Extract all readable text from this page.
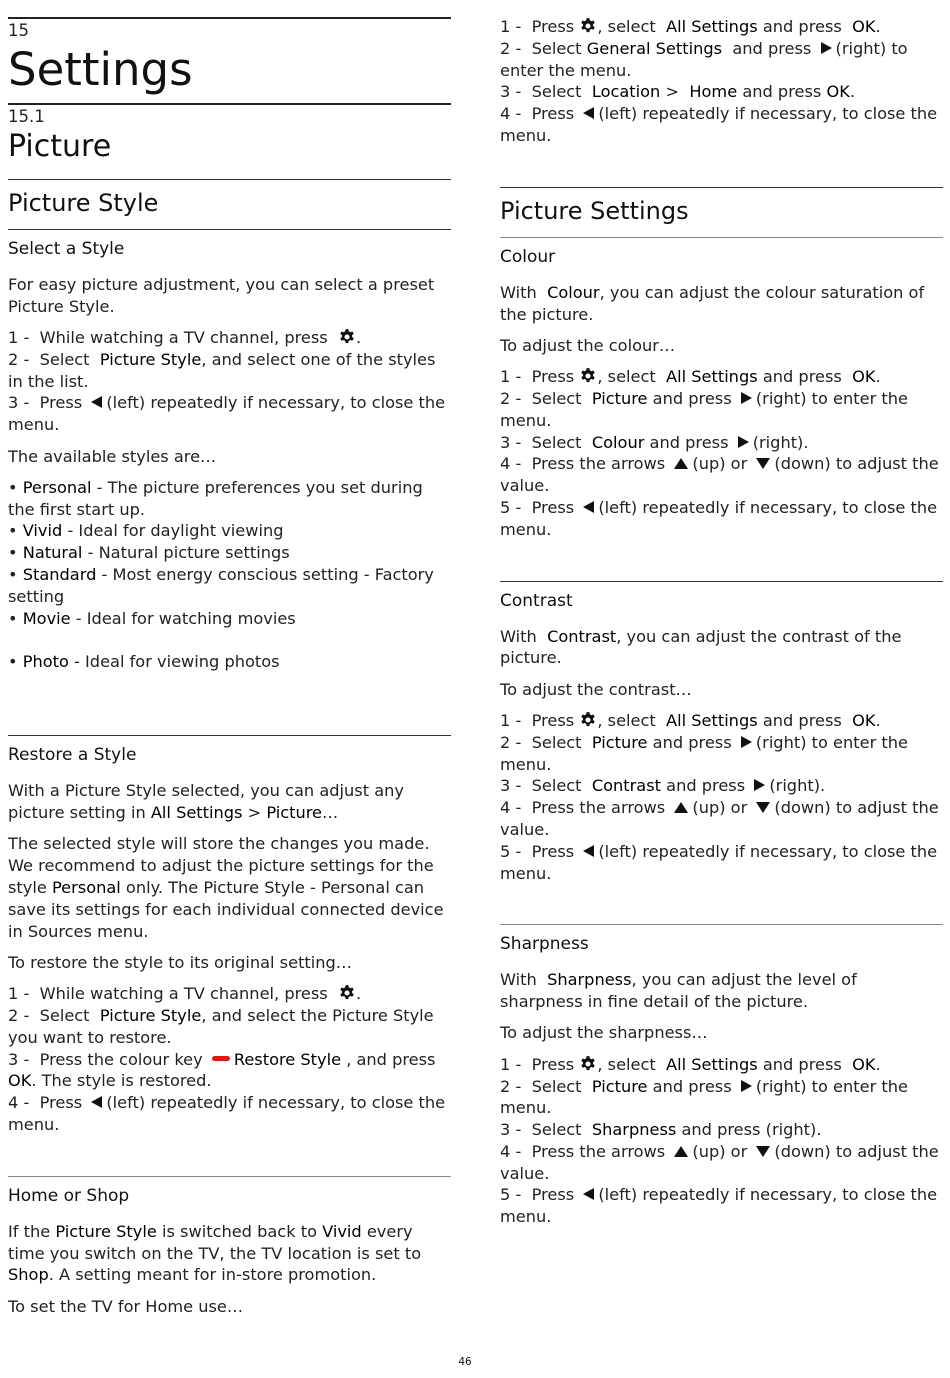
15
Settings
15.1
Picture
Picture Style
Select a Style

For easy picture adjustment, you can select a preset Picture Style.

1 - While watching a TV channel, press .

2 - Select Picture Style, and select one of the styles in the list.

3 - Press (left) repeatedly if necessary, to close the menu.

The available styles are…

• Personal - The picture preferences you set during the first start up.

• Vivid - Ideal for daylight viewing

• Natural - Natural picture settings

• Standard - Most energy conscious setting - Factory setting

• Movie - Ideal for watching movies

• Photo - Ideal for viewing photos

Restore a Style

With a Picture Style selected, you can adjust any picture setting in All Settings > Picture…

The selected style will store the changes you made. We recommend to adjust the picture settings for the style Personal only. The Picture Style - Personal can save its settings for each individual connected device in Sources menu.

To restore the style to its original setting…

1 - While watching a TV channel, press .

2 - Select Picture Style, and select the Picture Style you want to restore.

3 - Press the colour key Restore Style , and press OK. The style is restored.

4 - Press (left) repeatedly if necessary, to close the menu.

Home or Shop

If the Picture Style is switched back to Vivid every time you switch on the TV, the TV location is set to Shop. A setting meant for in-store promotion.

To set the TV for Home use…

1 - Press , select All Settings and press OK.

2 - Select General Settings and press (right) to enter the menu.

3 - Select Location > Home and press OK.

4 - Press (left) repeatedly if necessary, to close the menu.

Picture Settings
Colour

With  Colour, you can adjust the colour saturation of the picture.

To adjust the colour…

1 - Press , select All Settings and press OK.

2 - Select Picture and press (right) to enter the menu.

3 - Select Colour and press (right).

4 - Press the arrows (up) or (down) to adjust the value.

5 - Press (left) repeatedly if necessary, to close the menu.

Contrast

With  Contrast, you can adjust the contrast of the picture.

To adjust the contrast…

1 - Press , select All Settings and press OK.

2 - Select Picture and press (right) to enter the menu.

3 - Select Contrast and press (right).

4 - Press the arrows (up) or (down) to adjust the value.

5 - Press (left) repeatedly if necessary, to close the menu.

Sharpness

With  Sharpness, you can adjust the level of sharpness in fine detail of the picture.

To adjust the sharpness…

1 - Press , select All Settings and press OK.

2 - Select Picture and press (right) to enter the menu.

3 - Select Sharpness and press (right).

4 - Press the arrows (up) or (down) to adjust the value.

5 - Press (left) repeatedly if necessary, to close the menu.

46
